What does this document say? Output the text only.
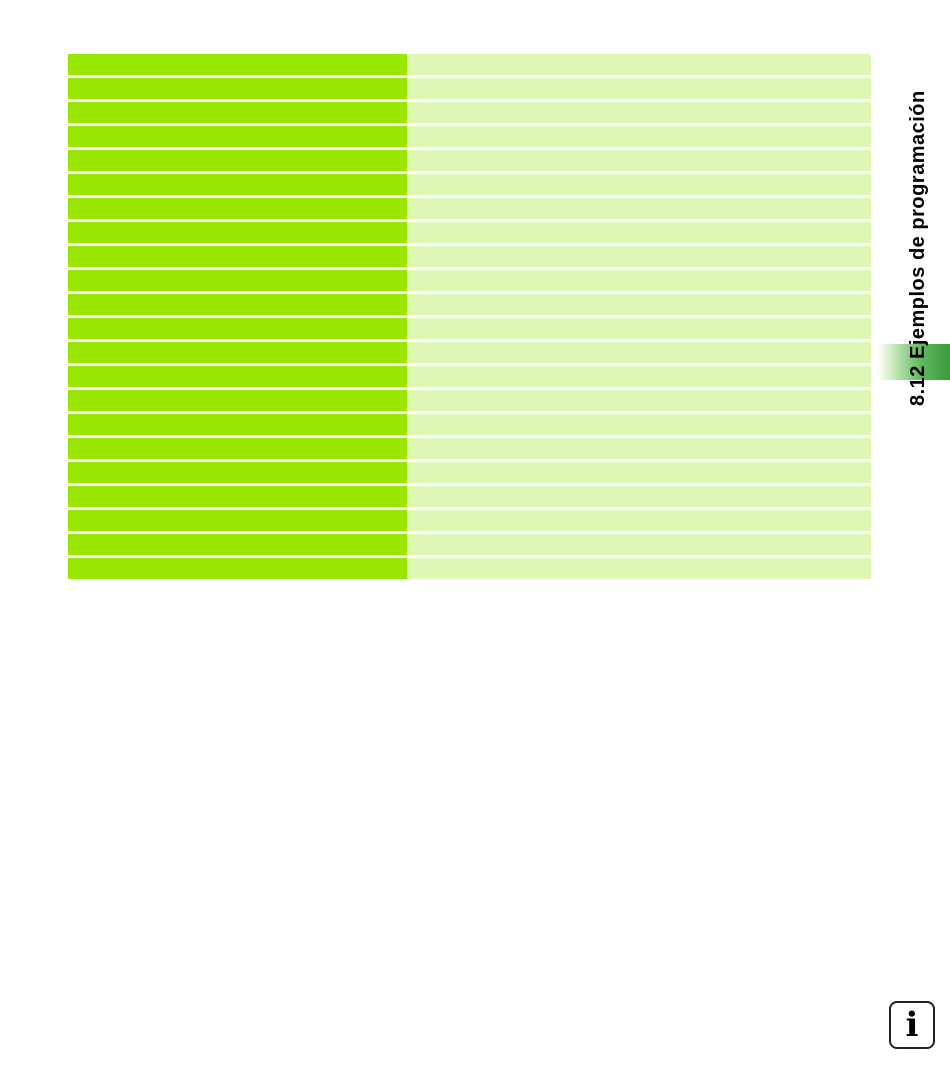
8.12 Ejemplos de programación
i
